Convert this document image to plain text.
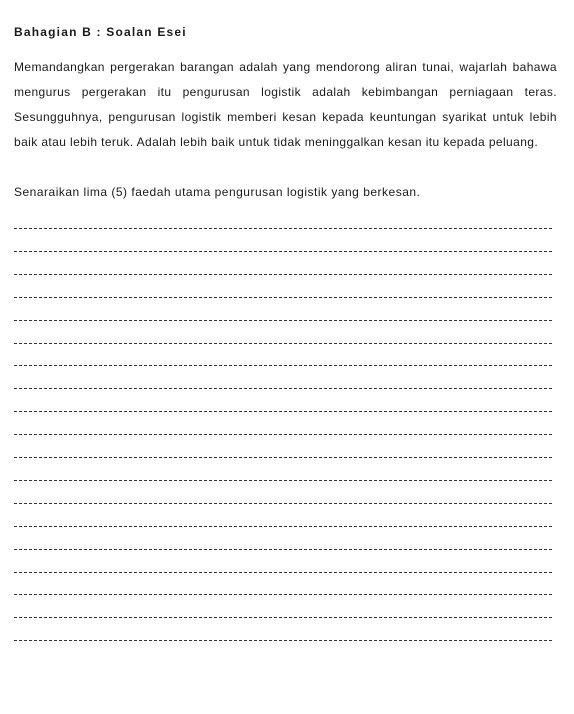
Bahagian B : Soalan Esei
Memandangkan pergerakan barangan adalah yang mendorong aliran tunai, wajarlah bahawa
mengurus pergerakan itu pengurusan logistik adalah kebimbangan perniagaan teras.
Sesungguhnya, pengurusan logistik memberi kesan kepada keuntungan syarikat untuk lebih
baik atau lebih teruk. Adalah lebih baik untuk tidak meninggalkan kesan itu kepada peluang.
Senaraikan lima (5) faedah utama pengurusan logistik yang berkesan.
